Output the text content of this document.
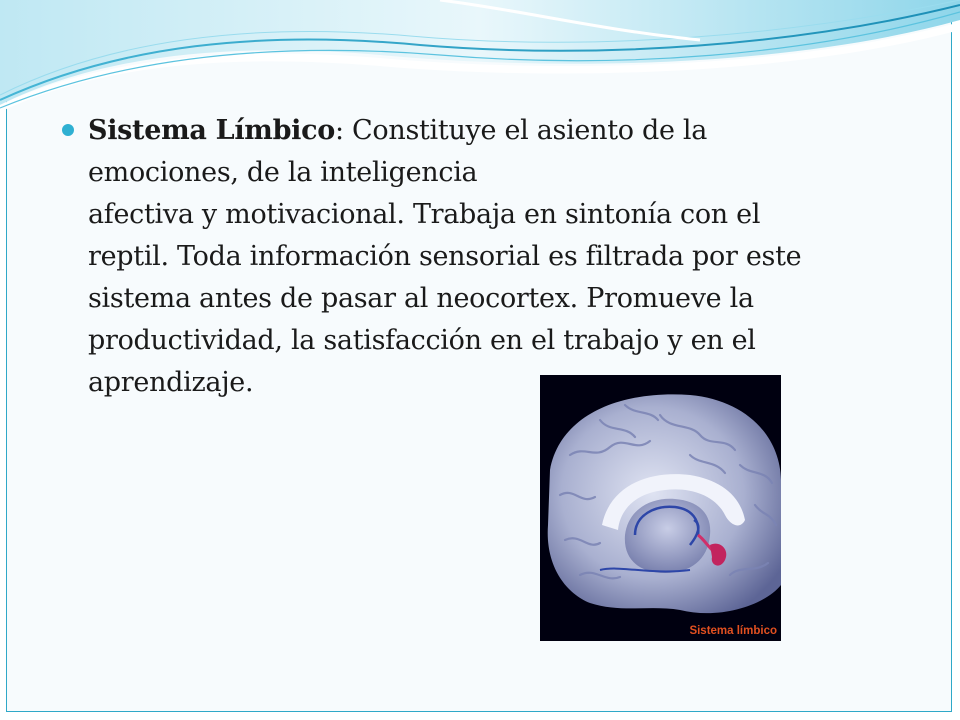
Sistema Límbico: Constituye el asiento de la
emociones, de la inteligencia
afectiva y motivacional. Trabaja en sintonía con el
reptil. Toda información sensorial es filtrada por este
sistema antes de pasar al neocortex. Promueve la
productividad, la satisfacción en el trabajo y en el
aprendizaje.
Sistema límbico
